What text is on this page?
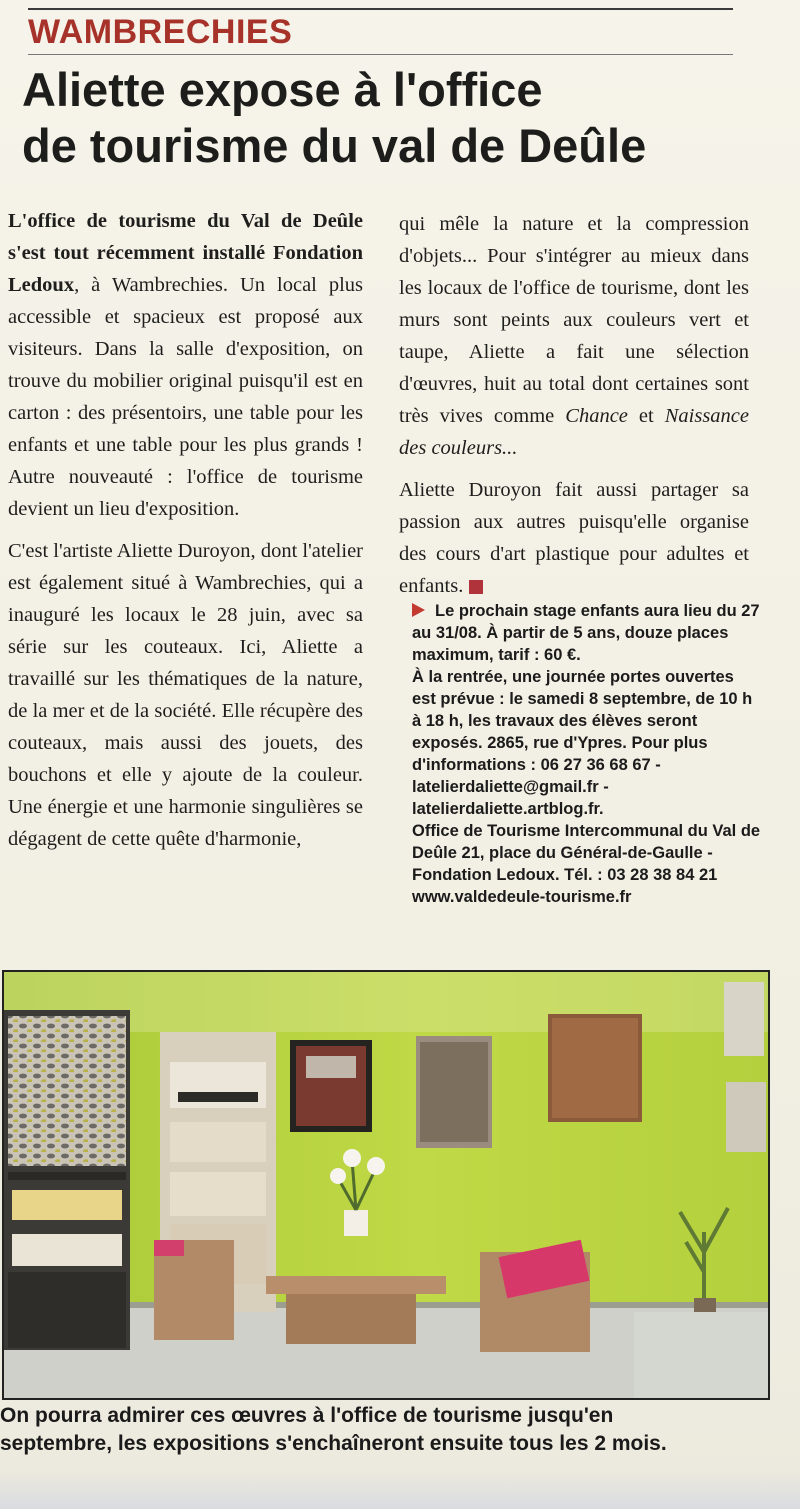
WAMBRECHIES
Aliette expose à l'office
de tourisme du val de Deûle

L'office de tourisme du Val de Deûle s'est tout récemment installé Fondation Ledoux, à Wambrechies. Un local plus accessible et spacieux est proposé aux visiteurs. Dans la salle d'exposition, on trouve du mobilier original puisqu'il est en carton : des présentoirs, une table pour les enfants et une table pour les plus grands ! Autre nouveauté : l'office de tourisme devient un lieu d'exposition.

C'est l'artiste Aliette Duroyon, dont l'atelier est également situé à Wambrechies, qui a inauguré les locaux le 28 juin, avec sa série sur les couteaux. Ici, Aliette a travaillé sur les thématiques de la nature, de la mer et de la société. Elle récupère des couteaux, mais aussi des jouets, des bouchons et elle y ajoute de la couleur. Une énergie et une harmonie singulières se dégagent de cette quête d'harmonie,

qui mêle la nature et la compression d'objets... Pour s'intégrer au mieux dans les locaux de l'office de tourisme, dont les murs sont peints aux couleurs vert et taupe, Aliette a fait une sélection d'œuvres, huit au total dont certaines sont très vives comme Chance et Naissance des couleurs...

Aliette Duroyon fait aussi partager sa passion aux autres puisqu'elle organise des cours d'art plastique pour adultes et enfants.

Le prochain stage enfants aura lieu du 27 au 31/08. À partir de 5 ans, douze places maximum, tarif : 60 €.

À la rentrée, une journée portes ouvertes est prévue : le samedi 8 septembre, de 10 h à 18 h, les travaux des élèves seront exposés. 2865, rue d'Ypres. Pour plus d'informations : 06 27 36 68 67 - latelierdaliette@gmail.fr - latelierdaliette.artblog.fr.

Office de Tourisme Intercommunal du Val de Deûle 21, place du Général-de-Gaulle - Fondation Ledoux. Tél. : 03 28 38 84 21

www.valdedeule-tourisme.fr

On pourra admirer ces œuvres à l'office de tourisme jusqu'en
septembre, les expositions s'enchaîneront ensuite tous les 2 mois.
